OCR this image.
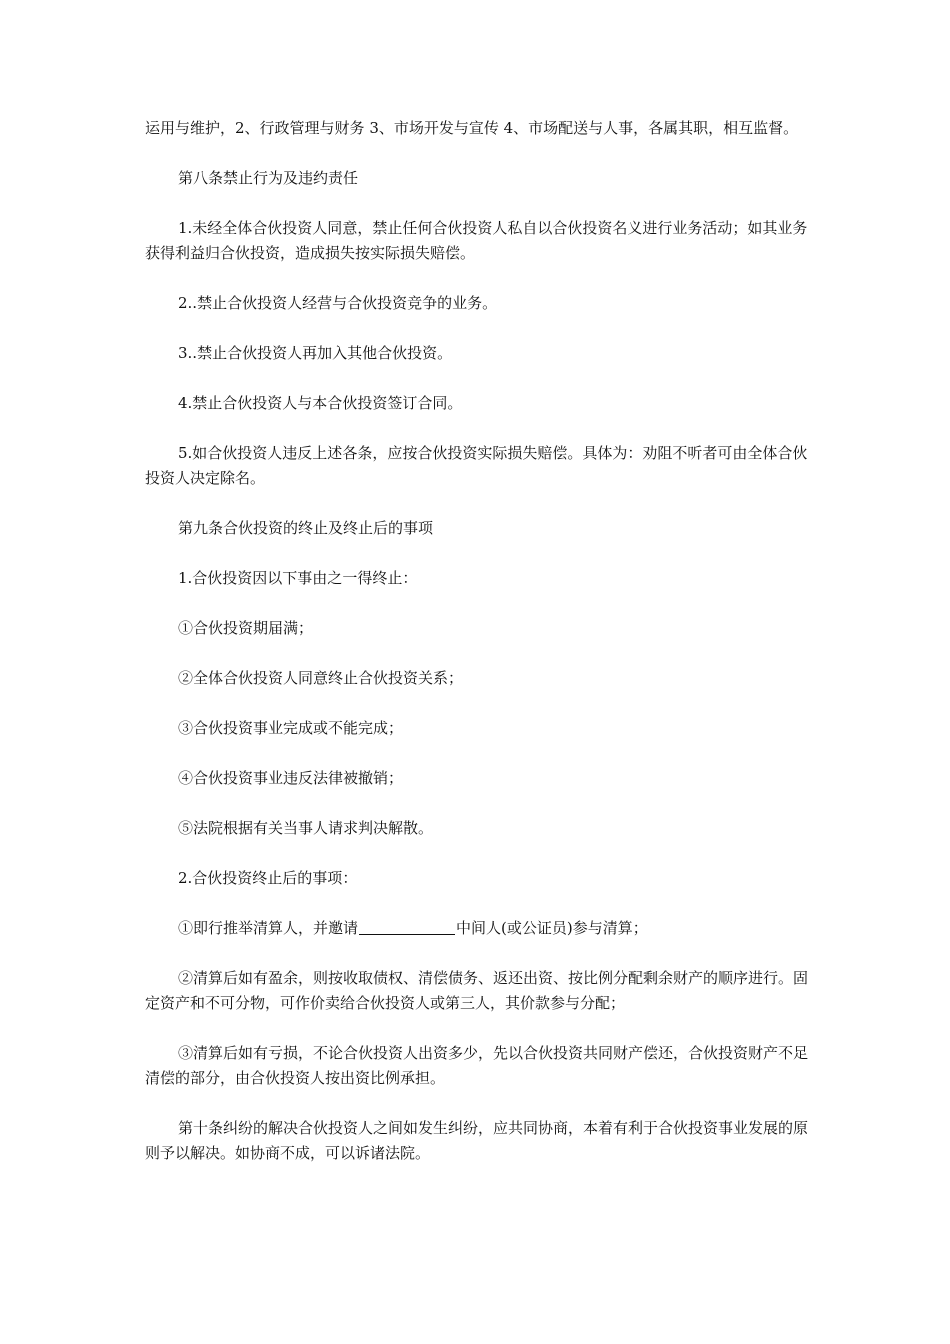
运用与维护，2、行政管理与财务 3、市场开发与宣传 4、市场配送与人事，各属其职，相互监督。

第八条禁止行为及违约责任

1.未经全体合伙投资人同意，禁止任何合伙投资人私自以合伙投资名义进行业务活动；如其业务获得利益归合伙投资，造成损失按实际损失赔偿。

2..禁止合伙投资人经营与合伙投资竞争的业务。

3..禁止合伙投资人再加入其他合伙投资。

4.禁止合伙投资人与本合伙投资签订合同。

5.如合伙投资人违反上述各条，应按合伙投资实际损失赔偿。具体为：劝阻不听者可由全体合伙投资人决定除名。

第九条合伙投资的终止及终止后的事项

1.合伙投资因以下事由之一得终止：

①合伙投资期届满；

②全体合伙投资人同意终止合伙投资关系；

③合伙投资事业完成或不能完成；

④合伙投资事业违反法律被撤销；

⑤法院根据有关当事人请求判决解散。

2.合伙投资终止后的事项：

①即行推举清算人，并邀请	中间人(或公证员)参与清算；

②清算后如有盈余，则按收取债权、清偿债务、返还出资、按比例分配剩余财产的顺序进行。固定资产和不可分物，可作价卖给合伙投资人或第三人，其价款参与分配；

③清算后如有亏损，不论合伙投资人出资多少，先以合伙投资共同财产偿还，合伙投资财产不足清偿的部分，由合伙投资人按出资比例承担。

第十条纠纷的解决合伙投资人之间如发生纠纷，应共同协商，本着有利于合伙投资事业发展的原则予以解决。如协商不成，可以诉诸法院。
